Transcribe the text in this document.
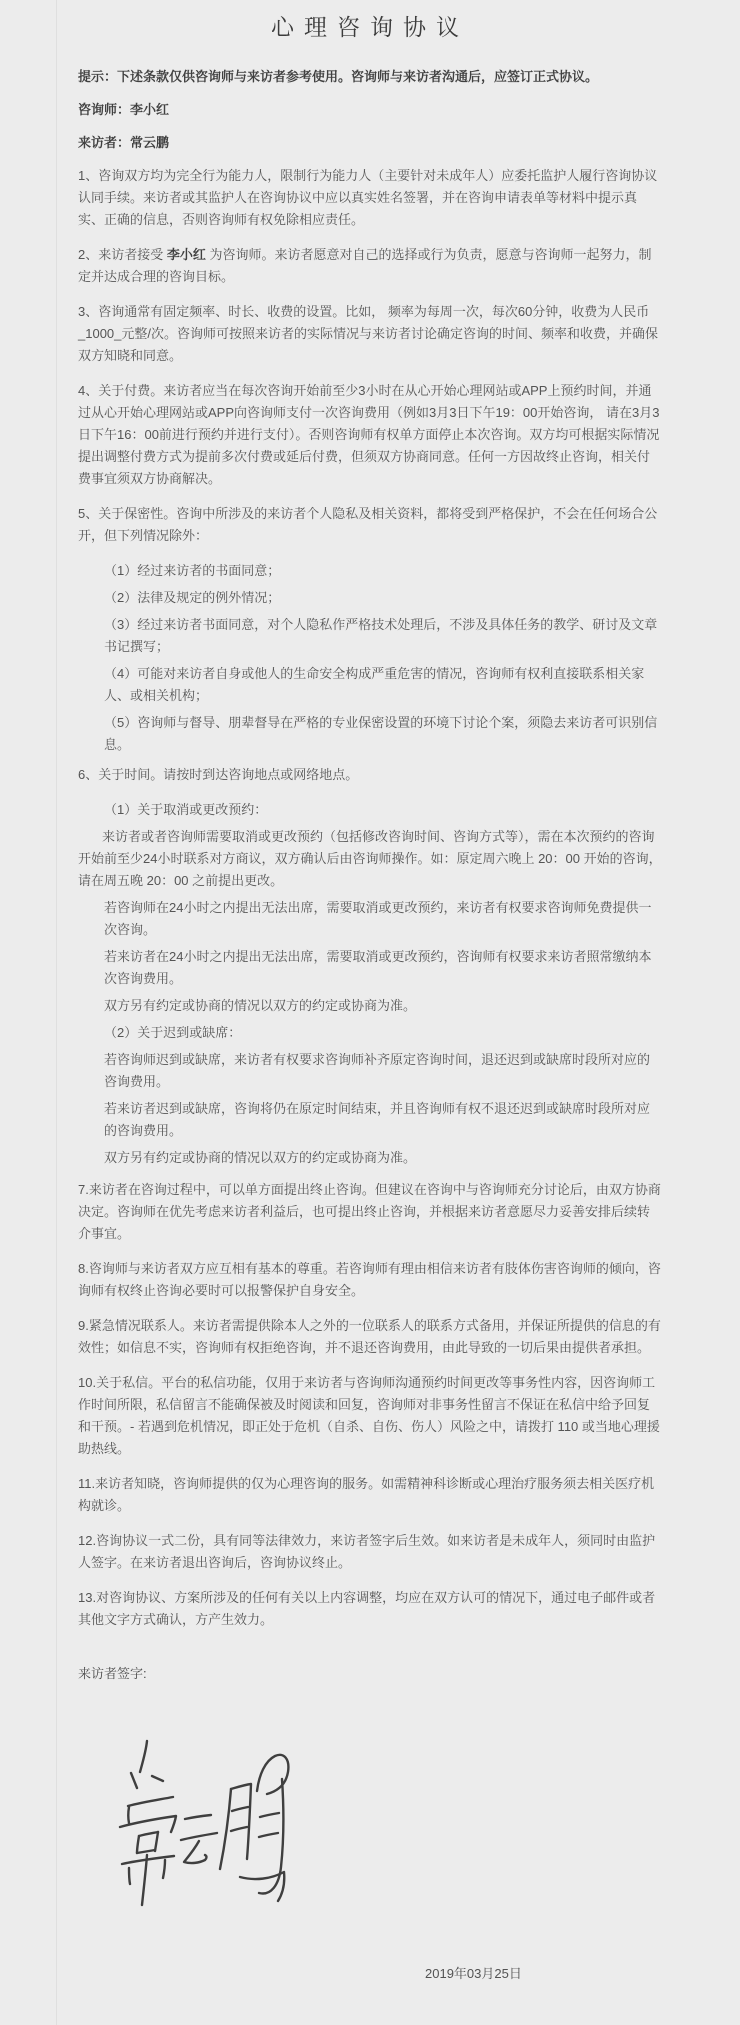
心理咨询协议

提示：下述条款仅供咨询师与来访者参考使用。咨询师与来访者沟通后，应签订正式协议。

咨询师：李小红

来访者：常云鹏

1、咨询双方均为完全行为能力人，限制行为能力人（主要针对未成年人）应委托监护人履行咨询协议认同手续。来访者或其监护人在咨询协议中应以真实姓名签署，并在咨询申请表单等材料中提示真实、正确的信息，否则咨询师有权免除相应责任。

2、来访者接受 李小红 为咨询师。来访者愿意对自己的选择或行为负责，愿意与咨询师一起努力，制定并达成合理的咨询目标。

3、咨询通常有固定频率、时长、收费的设置。比如， 频率为每周一次，每次60分钟，收费为人民币_1000_元整/次。咨询师可按照来访者的实际情况与来访者讨论确定咨询的时间、频率和收费，并确保双方知晓和同意。

4、关于付费。来访者应当在每次咨询开始前至少3小时在从心开始心理网站或APP上预约时间，并通过从心开始心理网站或APP向咨询师支付一次咨询费用（例如3月3日下午19：00开始咨询， 请在3月3日下午16：00前进行预约并进行支付）。否则咨询师有权单方面停止本次咨询。双方均可根据实际情况提出调整付费方式为提前多次付费或延后付费，但须双方协商同意。任何一方因故终止咨询，相关付费事宜须双方协商解决。

5、关于保密性。咨询中所涉及的来访者个人隐私及相关资料，都将受到严格保护，不会在任何场合公开，但下列情况除外：

（1）经过来访者的书面同意；

（2）法律及规定的例外情况；

（3）经过来访者书面同意，对个人隐私作严格技术处理后，不涉及具体任务的教学、研讨及文章书记撰写；

（4）可能对来访者自身或他人的生命安全构成严重危害的情况，咨询师有权利直接联系相关家人、或相关机构；

（5）咨询师与督导、朋辈督导在严格的专业保密设置的环境下讨论个案，须隐去来访者可识别信息。

6、关于时间。请按时到达咨询地点或网络地点。

（1）关于取消或更改预约：

来访者或者咨询师需要取消或更改预约（包括修改咨询时间、咨询方式等），需在本次预约的咨询开始前至少24小时联系对方商议，双方确认后由咨询师操作。如：原定周六晚上 20：00 开始的咨询，请在周五晚 20：00 之前提出更改。

若咨询师在24小时之内提出无法出席，需要取消或更改预约，来访者有权要求咨询师免费提供一次咨询。

若来访者在24小时之内提出无法出席，需要取消或更改预约，咨询师有权要求来访者照常缴纳本次咨询费用。

双方另有约定或协商的情况以双方的约定或协商为准。

（2）关于迟到或缺席：

若咨询师迟到或缺席，来访者有权要求咨询师补齐原定咨询时间，退还迟到或缺席时段所对应的咨询费用。

若来访者迟到或缺席，咨询将仍在原定时间结束，并且咨询师有权不退还迟到或缺席时段所对应的咨询费用。

双方另有约定或协商的情况以双方的约定或协商为准。

7.来访者在咨询过程中，可以单方面提出终止咨询。但建议在咨询中与咨询师充分讨论后，由双方协商决定。咨询师在优先考虑来访者利益后，也可提出终止咨询，并根据来访者意愿尽力妥善安排后续转介事宜。

8.咨询师与来访者双方应互相有基本的尊重。若咨询师有理由相信来访者有肢体伤害咨询师的倾向，咨询师有权终止咨询必要时可以报警保护自身安全。

9.紧急情况联系人。来访者需提供除本人之外的一位联系人的联系方式备用，并保证所提供的信息的有效性；如信息不实，咨询师有权拒绝咨询，并不退还咨询费用，由此导致的一切后果由提供者承担。

10.关于私信。平台的私信功能，仅用于来访者与咨询师沟通预约时间更改等事务性内容，因咨询师工作时间所限，私信留言不能确保被及时阅读和回复，咨询师对非事务性留言不保证在私信中给予回复和干预。- 若遇到危机情况，即正处于危机（自杀、自伤、伤人）风险之中，请拨打 110 或当地心理援助热线。

11.来访者知晓，咨询师提供的仅为心理咨询的服务。如需精神科诊断或心理治疗服务须去相关医疗机构就诊。

12.咨询协议一式二份，具有同等法律效力，来访者签字后生效。如来访者是未成年人，须同时由监护人签字。在来访者退出咨询后，咨询协议终止。

13.对咨询协议、方案所涉及的任何有关以上内容调整，均应在双方认可的情况下，通过电子邮件或者其他文字方式确认，方产生效力。

来访者签字:

2019年03月25日
